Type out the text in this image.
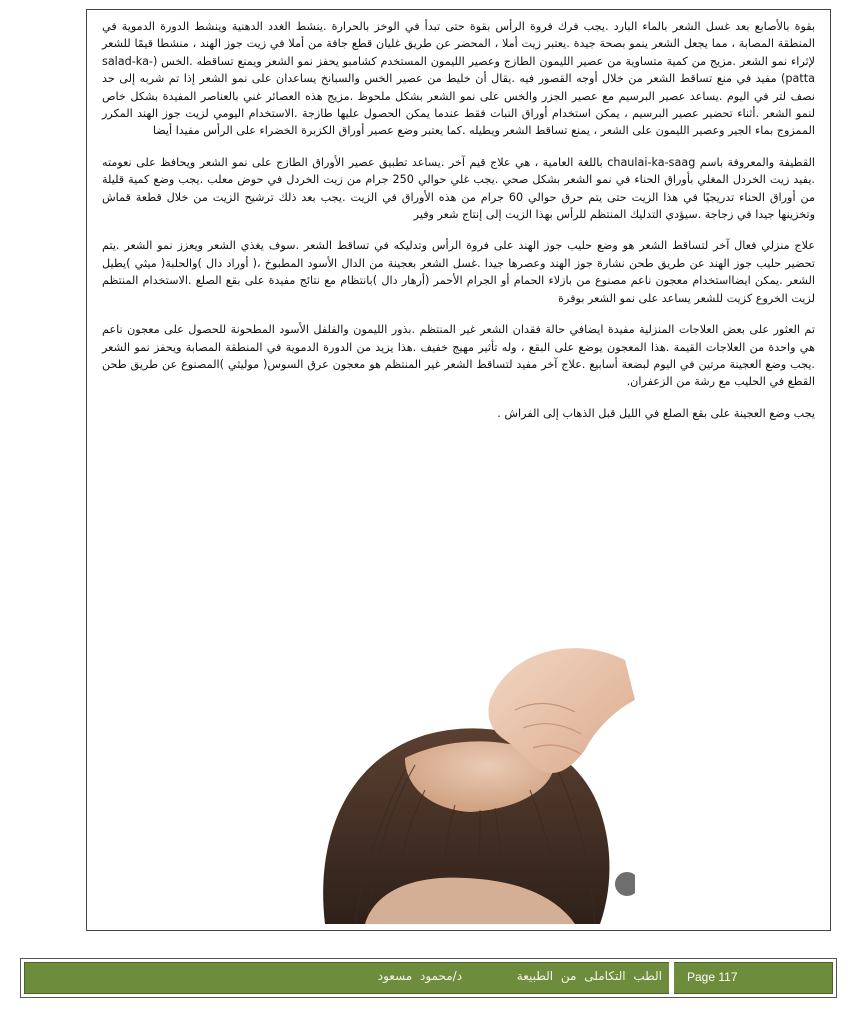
بقوة بالأصابع بعد غسل الشعر بالماء البارد .يجب فرك فروة الرأس بقوة حتى تبدأ في الوخز بالحرارة .ينشط الغدد الدهنية وينشط الدورة الدموية في المنطقة المصابة ، مما يجعل الشعر ينمو بصحة جيدة .يعتبر زيت أملا ، المحضر عن طريق غليان قطع جافة من أملا في زيت جوز الهند ، منشطا قيمًا للشعر لإثراء نمو الشعر .مزيج من كمية متساوية من عصير الليمون الطازج وعصير الليمون المستخدم كشامبو يحفز نمو الشعر ويمنع تساقطه .الخس (salad-ka-patta) مفيد في منع تساقط الشعر من خلال أوجه القصور فيه .يقال أن خليط من عصير الخس والسبانخ يساعدان على نمو الشعر إذا تم شربه إلى حد نصف لتر في اليوم .يساعد عصير البرسيم مع عصير الجزر والخس على نمو الشعر بشكل ملحوظ .مزيج هذه العصائر غني بالعناصر المفيدة بشكل خاص لنمو الشعر .أثناء تحضير عصير البرسيم ، يمكن استخدام أوراق النبات فقط عندما يمكن الحصول عليها طازجة .الاستخدام اليومي لزيت جوز الهند المكرر الممزوج بماء الجير وعصير الليمون على الشعر ، يمنع تساقط الشعر ويطيله .كما يعتبر وضع عصير أوراق الكزبرة الخضراء على الرأس مفيدا أيضا

القطيفة والمعروفة باسم chaulai-ka-saag باللغة العامية ، هي علاج قيم آخر .يساعد تطبيق عصير الأوراق الطازج على نمو الشعر ويحافظ على نعومته .يفيد زيت الخردل المغلي بأوراق الحناء في نمو الشعر بشكل صحي .يجب غلي حوالي 250 جرام من زيت الخردل في حوض معلب .يجب وضع كمية قليلة من أوراق الحناء تدريجيًا في هذا الزيت حتى يتم حرق حوالي 60 جرام من هذه الأوراق في الزيت .يجب بعد ذلك ترشيح الزيت من خلال قطعة قماش وتخزينها جيدا في زجاجة .سيؤدي التدليك المنتظم للرأس بهذا الزيت إلى إنتاج شعر وفير

علاج منزلي فعال آخر لتساقط الشعر هو وضع حليب جوز الهند على فروة الرأس وتدليكه في تساقط الشعر .سوف يغذي الشعر ويعزز نمو الشعر .يتم تحضير حليب جوز الهند عن طريق طحن نشارة جوز الهند وعصرها جيدا .غسل الشعر بعجينة من الدال الأسود المطبوخ ،( أوراد دال )والحلبة( ميثي )يطيل الشعر .يمكن ايضااستخدام معجون ناعم مصنوع من بازلاء الحمام أو الجرام الأحمر (أرهار دال )بانتظام مع نتائج مفيدة على بقع الصلع .الاستخدام المنتظم لزيت الخروع كزيت للشعر يساعد على نمو الشعر بوفرة

تم العثور على بعض العلاجات المنزلية مفيدة ايضافي حالة فقدان الشعر غير المنتظم .بذور الليمون والفلفل الأسود المطحونة للحصول على معجون ناعم هي واحدة من العلاجات القيمة .هذا المعجون يوضع على البقع ، وله تأثير مهيج خفيف .هذا يزيد من الدورة الدموية في المنطقة المصابة ويحفز نمو الشعر .يجب وضع العجينة مرتين في اليوم لبضعة أسابيع .علاج آخر مفيد لتساقط الشعر غير المنتظم هو معجون عرق السوس( موليثي )المصنوع عن طريق طحن القطع في الحليب مع رشة من الزعفران.

يجب وضع العجينة على بقع الصلع في الليل قبل الذهاب إلى الفراش .

الطب التكاملى من الطبيعة       د/محمود مسعود Page 117
